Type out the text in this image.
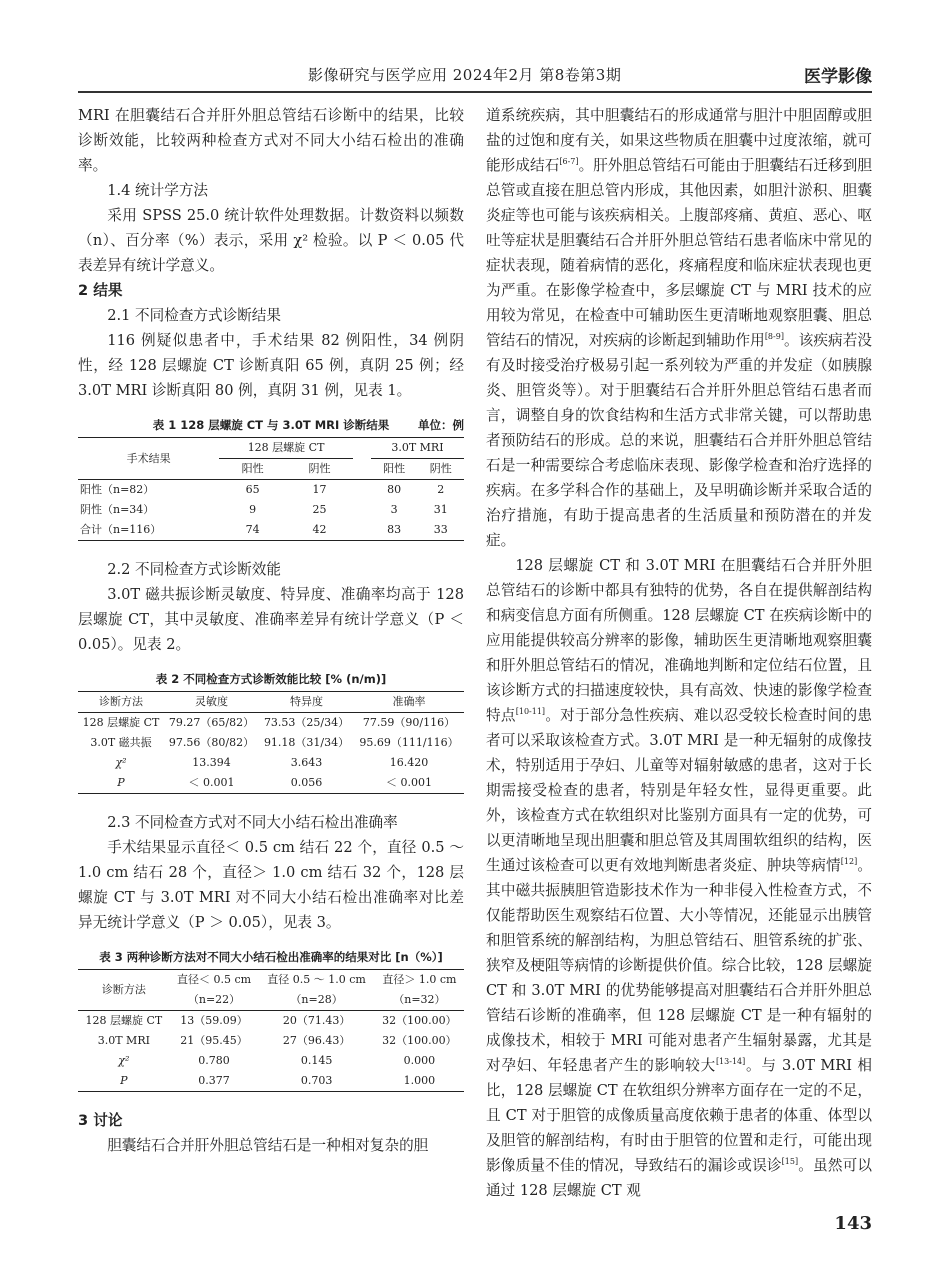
影像研究与医学应用 2024年2月 第8卷第3期	医学影像

MRI 在胆囊结石合并肝外胆总管结石诊断中的结果，比较诊断效能，比较两种检查方式对不同大小结石检出的准确率。

1.4 统计学方法

采用 SPSS 25.0 统计软件处理数据。计数资料以频数（n）、百分率（%）表示，采用 χ² 检验。以 P ＜ 0.05 代表差异有统计学意义。

2 结果

2.1 不同检查方式诊断结果

116 例疑似患者中，手术结果 82 例阳性，34 例阴性，经 128 层螺旋 CT 诊断真阳 65 例，真阴 25 例；经 3.0T MRI 诊断真阳 80 例，真阴 31 例，见表 1。

表 1 128 层螺旋 CT 与 3.0T MRI 诊断结果 单位：例
手术结果	128 层螺旋 CT			3.0T MRI	
	阳性	阴性		阳性	阴性
阳性（n=82）	65	17		80	2
阴性（n=34）	9	25		3	31
合计（n=116）	74	42		83	33

2.2 不同检查方式诊断效能

3.0T 磁共振诊断灵敏度、特异度、准确率均高于 128 层螺旋 CT，其中灵敏度、准确率差异有统计学意义（P ＜ 0.05）。见表 2。

表 2 不同检查方式诊断效能比较 [% (n/m)]
诊断方法	灵敏度	特异度	准确率
128 层螺旋 CT	79.27（65/82）	73.53（25/34）	77.59（90/116）
3.0T 磁共振	97.56（80/82）	91.18（31/34）	95.69（111/116）
χ²	13.394	3.643	16.420
P	＜ 0.001	0.056	＜ 0.001

2.3 不同检查方式对不同大小结石检出准确率

手术结果显示直径＜ 0.5 cm 结石 22 个，直径 0.5 ～ 1.0 cm 结石 28 个，直径＞ 1.0 cm 结石 32 个，128 层螺旋 CT 与 3.0T MRI 对不同大小结石检出准确率对比差异无统计学意义（P ＞ 0.05），见表 3。

表 3 两种诊断方法对不同大小结石检出准确率的结果对比 [n（%）]
诊断方法	直径＜ 0.5 cm	直径 0.5 ～ 1.0 cm	直径＞ 1.0 cm
	（n=22）	（n=28）	（n=32）
128 层螺旋 CT	13（59.09）	20（71.43）	32（100.00）
3.0T MRI	21（95.45）	27（96.43）	32（100.00）
χ²	0.780	0.145	0.000
P	0.377	0.703	1.000

3 讨论

胆囊结石合并肝外胆总管结石是一种相对复杂的胆

道系统疾病，其中胆囊结石的形成通常与胆汁中胆固醇或胆盐的过饱和度有关，如果这些物质在胆囊中过度浓缩，就可能形成结石[6-7]。肝外胆总管结石可能由于胆囊结石迁移到胆总管或直接在胆总管内形成，其他因素，如胆汁淤积、胆囊炎症等也可能与该疾病相关。上腹部疼痛、黄疸、恶心、呕吐等症状是胆囊结石合并肝外胆总管结石患者临床中常见的症状表现，随着病情的恶化，疼痛程度和临床症状表现也更为严重。在影像学检查中，多层螺旋 CT 与 MRI 技术的应用较为常见，在检查中可辅助医生更清晰地观察胆囊、胆总管结石的情况，对疾病的诊断起到辅助作用[8-9]。该疾病若没有及时接受治疗极易引起一系列较为严重的并发症（如胰腺炎、胆管炎等）。对于胆囊结石合并肝外胆总管结石患者而言，调整自身的饮食结构和生活方式非常关键，可以帮助患者预防结石的形成。总的来说，胆囊结石合并肝外胆总管结石是一种需要综合考虑临床表现、影像学检查和治疗选择的疾病。在多学科合作的基础上，及早明确诊断并采取合适的治疗措施，有助于提高患者的生活质量和预防潜在的并发症。

128 层螺旋 CT 和 3.0T MRI 在胆囊结石合并肝外胆总管结石的诊断中都具有独特的优势，各自在提供解剖结构和病变信息方面有所侧重。128 层螺旋 CT 在疾病诊断中的应用能提供较高分辨率的影像，辅助医生更清晰地观察胆囊和肝外胆总管结石的情况，准确地判断和定位结石位置，且该诊断方式的扫描速度较快，具有高效、快速的影像学检查特点[10-11]。对于部分急性疾病、难以忍受较长检查时间的患者可以采取该检查方式。3.0T MRI 是一种无辐射的成像技术，特别适用于孕妇、儿童等对辐射敏感的患者，这对于长期需接受检查的患者，特别是年轻女性，显得更重要。此外，该检查方式在软组织对比鉴别方面具有一定的优势，可以更清晰地呈现出胆囊和胆总管及其周围软组织的结构，医生通过该检查可以更有效地判断患者炎症、肿块等病情[12]。其中磁共振胰胆管造影技术作为一种非侵入性检查方式，不仅能帮助医生观察结石位置、大小等情况，还能显示出胰管和胆管系统的解剖结构，为胆总管结石、胆管系统的扩张、狭窄及梗阻等病情的诊断提供价值。综合比较，128 层螺旋 CT 和 3.0T MRI 的优势能够提高对胆囊结石合并肝外胆总管结石诊断的准确率，但 128 层螺旋 CT 是一种有辐射的成像技术，相较于 MRI 可能对患者产生辐射暴露，尤其是对孕妇、年轻患者产生的影响较大[13-14]。与 3.0T MRI 相比，128 层螺旋 CT 在软组织分辨率方面存在一定的不足，且 CT 对于胆管的成像质量高度依赖于患者的体重、体型以及胆管的解剖结构，有时由于胆管的位置和走行，可能出现影像质量不佳的情况，导致结石的漏诊或误诊[15]。虽然可以通过 128 层螺旋 CT 观

143
